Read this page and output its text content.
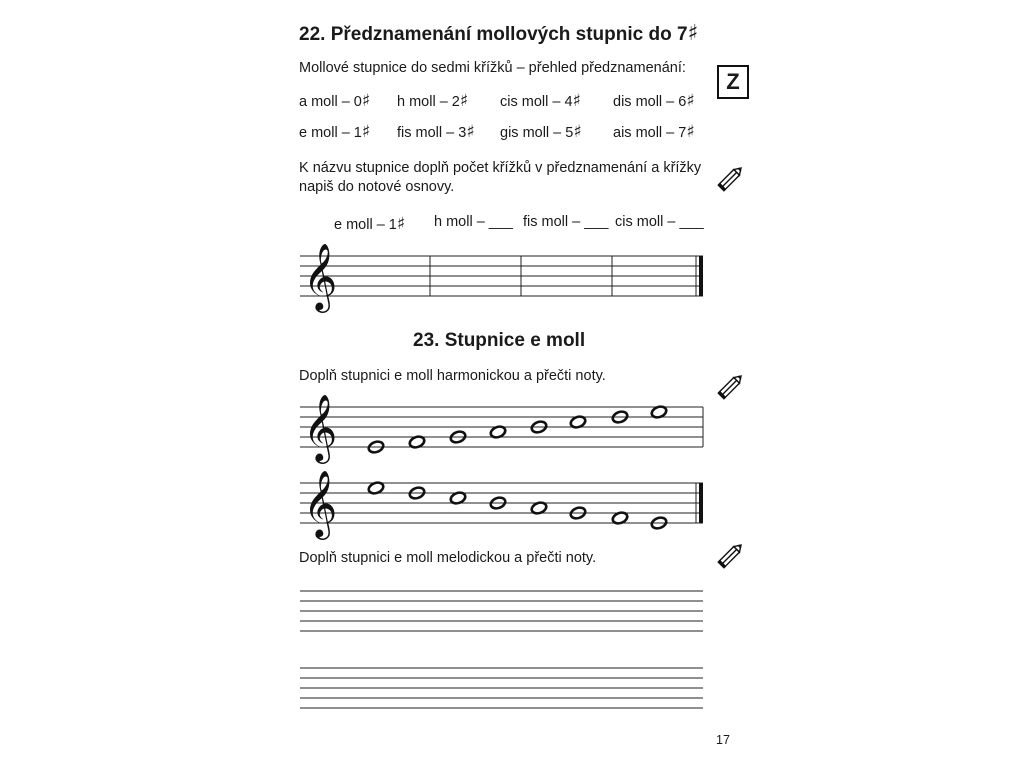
22. Předznamenání mollových stupnic do 7♯
Z
Mollové stupnice do sedmi křížků – přehled předznamenání:
a moll – 0♯ h moll – 2♯ cis moll – 4♯ dis moll – 6♯
e moll – 1♯ fis moll – 3♯ gis moll – 5♯ ais moll – 7♯
K názvu stupnice doplň počet křížků v předznamenání a křížky
napiš do notové osnovy.
e moll – 1♯ h moll – ___ fis moll – ___ cis moll – ___
𝄞
23. Stupnice e moll
Doplň stupnici e moll harmonickou a přečti noty.
𝄞
𝄞
Doplň stupnici e moll melodickou a přečti noty.
17
